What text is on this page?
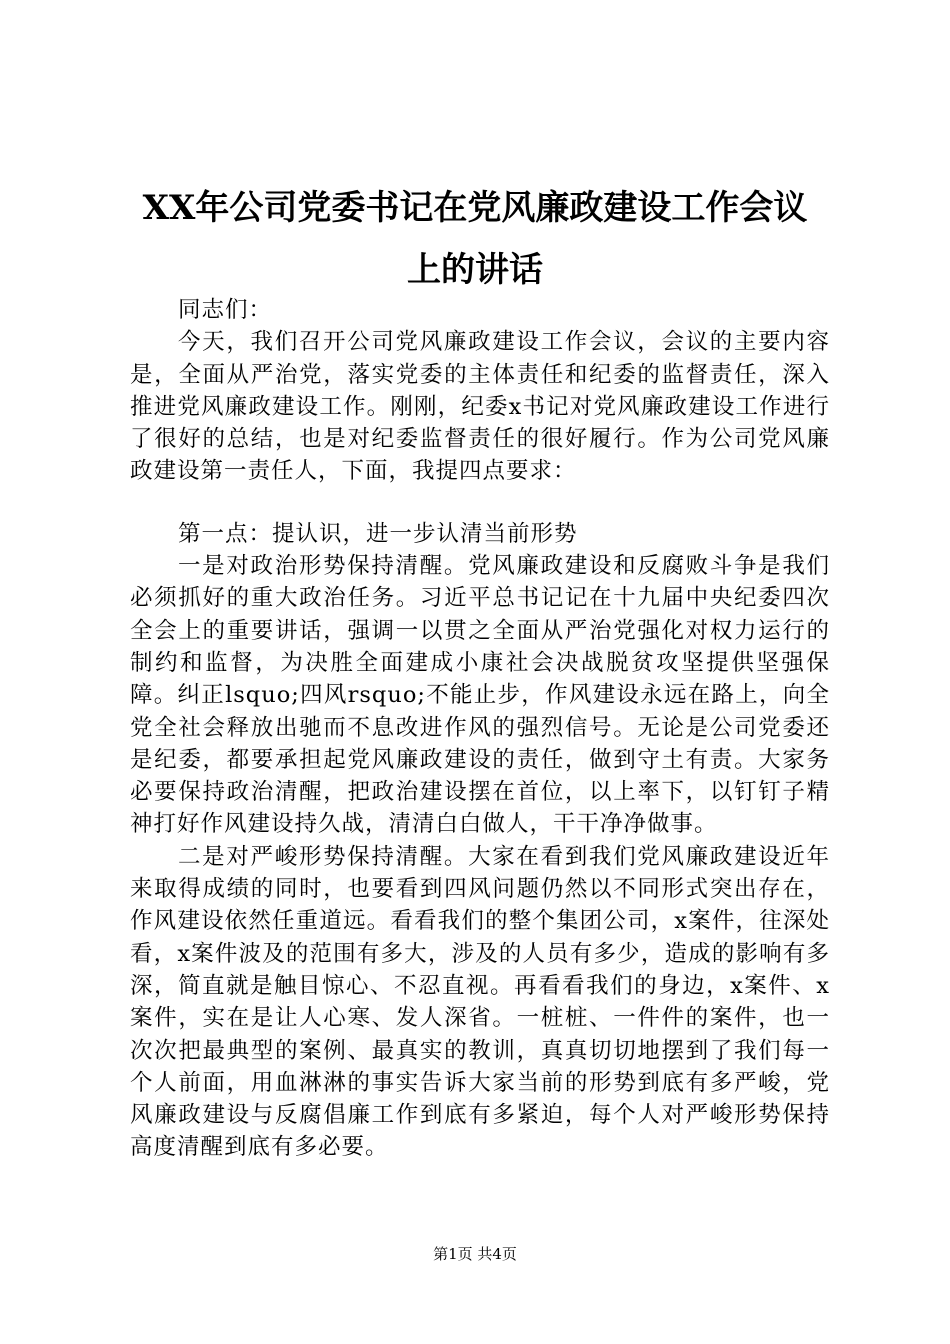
XX年公司党委书记在党风廉政建设工作会议
上的讲话

同志们：

今天，我们召开公司党风廉政建设工作会议，会议的主要内容是，全面从严治党，落实党委的主体责任和纪委的监督责任，深入推进党风廉政建设工作。刚刚，纪委x书记对党风廉政建设工作进行了很好的总结，也是对纪委监督责任的很好履行。作为公司党风廉政建设第一责任人，下面，我提四点要求：

第一点：提认识，进一步认清当前形势

一是对政治形势保持清醒。党风廉政建设和反腐败斗争是我们必须抓好的重大政治任务。习近平总书记记在十九届中央纪委四次全会上的重要讲话，强调一以贯之全面从严治党强化对权力运行的制约和监督，为决胜全面建成小康社会决战脱贫攻坚提供坚强保障。纠正lsquo;四风rsquo;不能止步，作风建设永远在路上，向全党全社会释放出驰而不息改进作风的强烈信号。无论是公司党委还是纪委，都要承担起党风廉政建设的责任，做到守土有责。大家务必要保持政治清醒，把政治建设摆在首位，以上率下，以钉钉子精神打好作风建设持久战，清清白白做人，干干净净做事。

二是对严峻形势保持清醒。大家在看到我们党风廉政建设近年来取得成绩的同时，也要看到四风问题仍然以不同形式突出存在，作风建设依然任重道远。看看我们的整个集团公司，x案件，往深处看，x案件波及的范围有多大，涉及的人员有多少，造成的影响有多深，简直就是触目惊心、不忍直视。再看看我们的身边，x案件、x案件，实在是让人心寒、发人深省。一桩桩、一件件的案件，也一次次把最典型的案例、最真实的教训，真真切切地摆到了我们每一个人前面，用血淋淋的事实告诉大家当前的形势到底有多严峻，党风廉政建设与反腐倡廉工作到底有多紧迫，每个人对严峻形势保持高度清醒到底有多必要。

第1页 共4页
